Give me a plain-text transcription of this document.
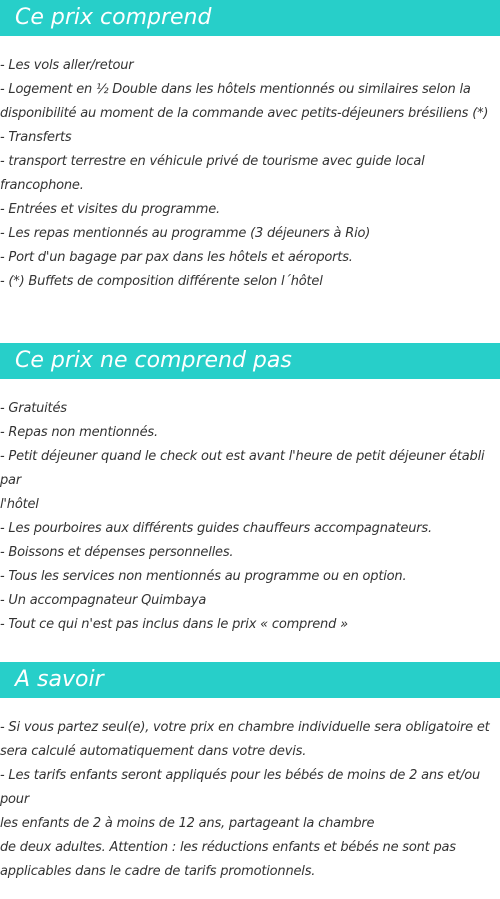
Ce prix comprend
- Les vols aller/retour
- Logement en ½ Double dans les hôtels mentionnés ou similaires selon la
disponibilité au moment de la commande avec petits-déjeuners brésiliens (*)
- Transferts
- transport terrestre en véhicule privé de tourisme avec guide local
francophone.
- Entrées et visites du programme.
- Les repas mentionnés au programme (3 déjeuners à Rio)
- Port d'un bagage par pax dans les hôtels et aéroports.
- (*) Buffets de composition différente selon l´hôtel
Ce prix ne comprend pas
- Gratuités
- Repas non mentionnés.
- Petit déjeuner quand le check out est avant l'heure de petit déjeuner établi par
l'hôtel
- Les pourboires aux différents guides chauffeurs accompagnateurs.
- Boissons et dépenses personnelles.
- Tous les services non mentionnés au programme ou en option.
- Un accompagnateur Quimbaya
- Tout ce qui n'est pas inclus dans le prix « comprend »
A savoir
- Si vous partez seul(e), votre prix en chambre individuelle sera obligatoire et
sera calculé automatiquement dans votre devis.
- Les tarifs enfants seront appliqués pour les bébés de moins de 2 ans et/ou pour
les enfants de 2 à moins de 12 ans, partageant la chambre
de deux adultes. Attention : les réductions enfants et bébés ne sont pas
applicables dans le cadre de tarifs promotionnels.
